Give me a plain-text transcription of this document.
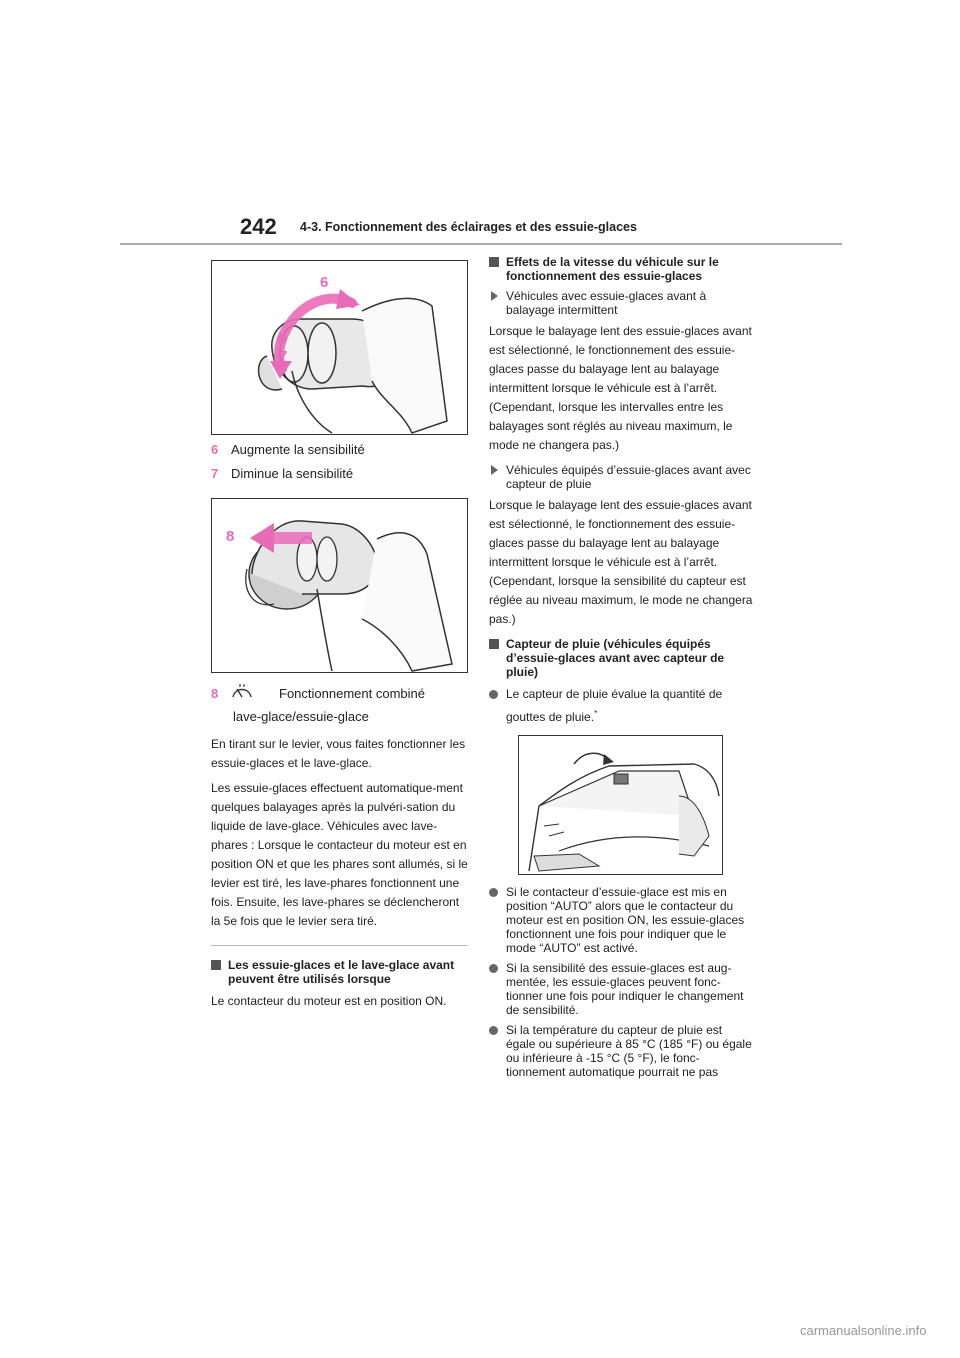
242 4-3. Fonctionnement des éclairages et des essuie-glaces
6
7
6 Augmente la sensibilité
7 Diminue la sensibilité
8
8	Fonctionnement combiné
lave-glace/essuie-glace

En tirant sur le levier, vous faites fonctionner les essuie-glaces et le lave-glace.

Les essuie-glaces effectuent automatique-ment quelques balayages après la pulvéri-sation du liquide de lave-glace. Véhicules avec lave-phares : Lorsque le contacteur du moteur est en position ON et que les phares sont allumés, si le levier est tiré, les lave-phares fonctionnent une fois. Ensuite, les lave-phares se déclencheront la 5e fois que le levier sera tiré.

Les essuie-glaces et le lave-glace avant peuvent être utilisés lorsque

Le contacteur du moteur est en position ON.

Effets de la vitesse du véhicule sur le fonctionnement des essuie-glaces
Véhicules avec essuie-glaces avant à balayage intermittent

Lorsque le balayage lent des essuie-glaces avant est sélectionné, le fonctionnement des essuie-glaces passe du balayage lent au balayage intermittent lorsque le véhicule est à l’arrêt. (Cependant, lorsque les intervalles entre les balayages sont réglés au niveau maximum, le mode ne changera pas.)

Véhicules équipés d’essuie-glaces avant avec capteur de pluie

Lorsque le balayage lent des essuie-glaces avant est sélectionné, le fonctionnement des essuie-glaces passe du balayage lent au balayage intermittent lorsque le véhicule est à l’arrêt. (Cependant, lorsque la sensibilité du capteur est réglée au niveau maximum, le mode ne changera pas.)

Capteur de pluie (véhicules équipés d’essuie-glaces avant avec capteur de pluie)
Le capteur de pluie évalue la quantité de gouttes de pluie.*
Si le contacteur d’essuie-glace est mis en position “AUTO” alors que le contacteur du moteur est en position ON, les essuie-glaces fonctionnent une fois pour indiquer que le mode “AUTO” est activé.
Si la sensibilité des essuie-glaces est aug-mentée, les essuie-glaces peuvent fonc-tionner une fois pour indiquer le changement de sensibilité.
Si la température du capteur de pluie est égale ou supérieure à 85 °C (185 °F) ou égale ou inférieure à -15 °C (5 °F), le fonc-tionnement automatique pourrait ne pas
carmanualsonline.info
